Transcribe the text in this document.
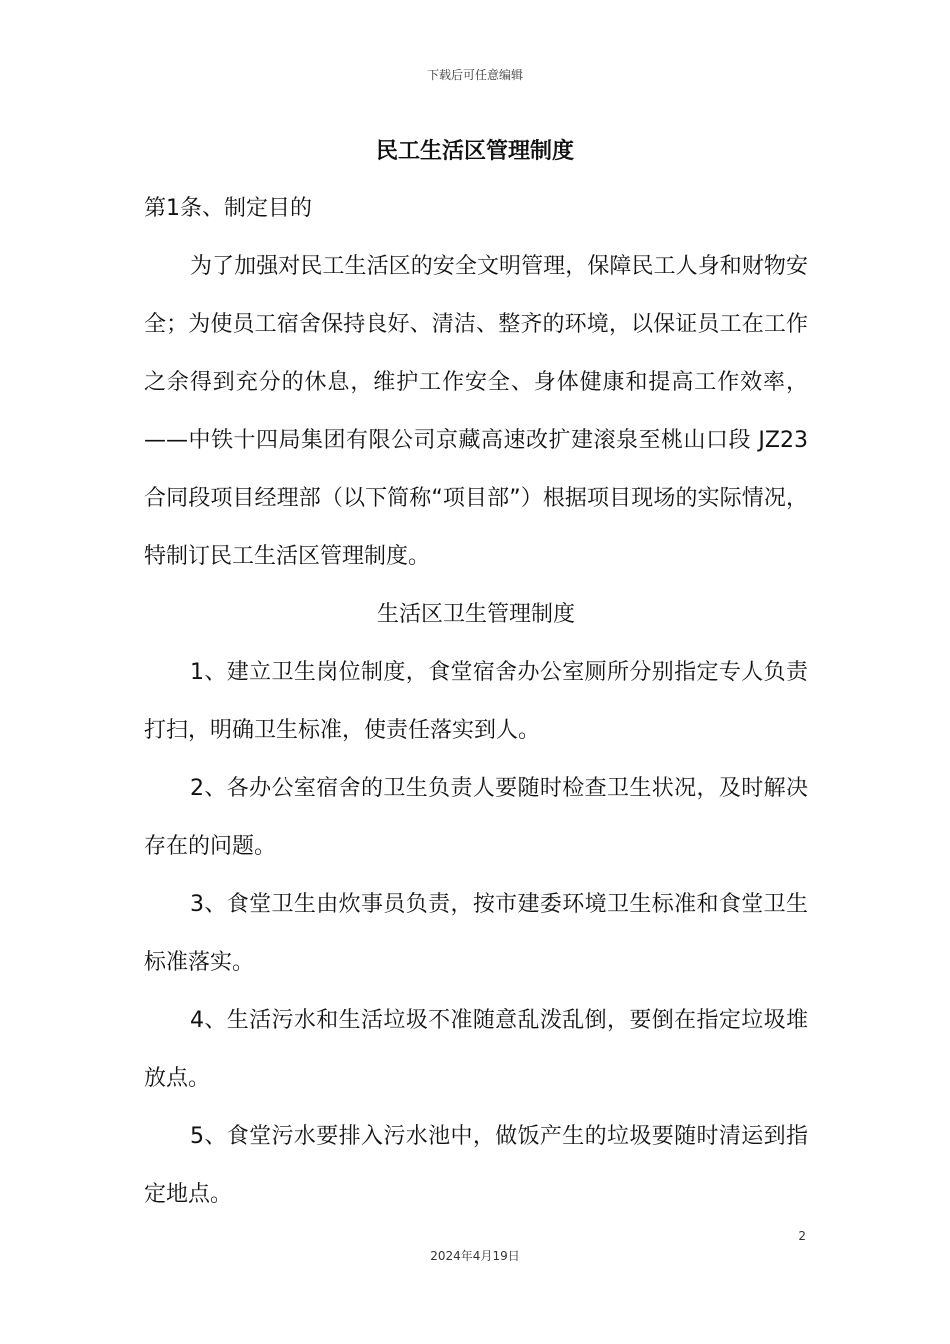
下载后可任意编辑
民工生活区管理制度

第1条、制定目的

为了加强对民工生活区的安全文明管理，保障民工人身和财物安全；为使员工宿舍保持良好、清洁、整齐的环境，以保证员工在工作之余得到充分的休息，维护工作安全、身体健康和提高工作效率，——中铁十四局集团有限公司京藏高速改扩建滚泉至桃山口段 JZ23 合同段项目经理部（以下简称“项目部”）根据项目现场的实际情况，特制订民工生活区管理制度。

生活区卫生管理制度

1、建立卫生岗位制度，食堂宿舍办公室厕所分别指定专人负责打扫，明确卫生标准，使责任落实到人。

2、各办公室宿舍的卫生负责人要随时检查卫生状况，及时解决存在的问题。

3、食堂卫生由炊事员负责，按市建委环境卫生标准和食堂卫生标准落实。

4、生活污水和生活垃圾不准随意乱泼乱倒，要倒在指定垃圾堆放点。

5、食堂污水要排入污水池中，做饭产生的垃圾要随时清运到指定地点。

2
2024年4月19日
